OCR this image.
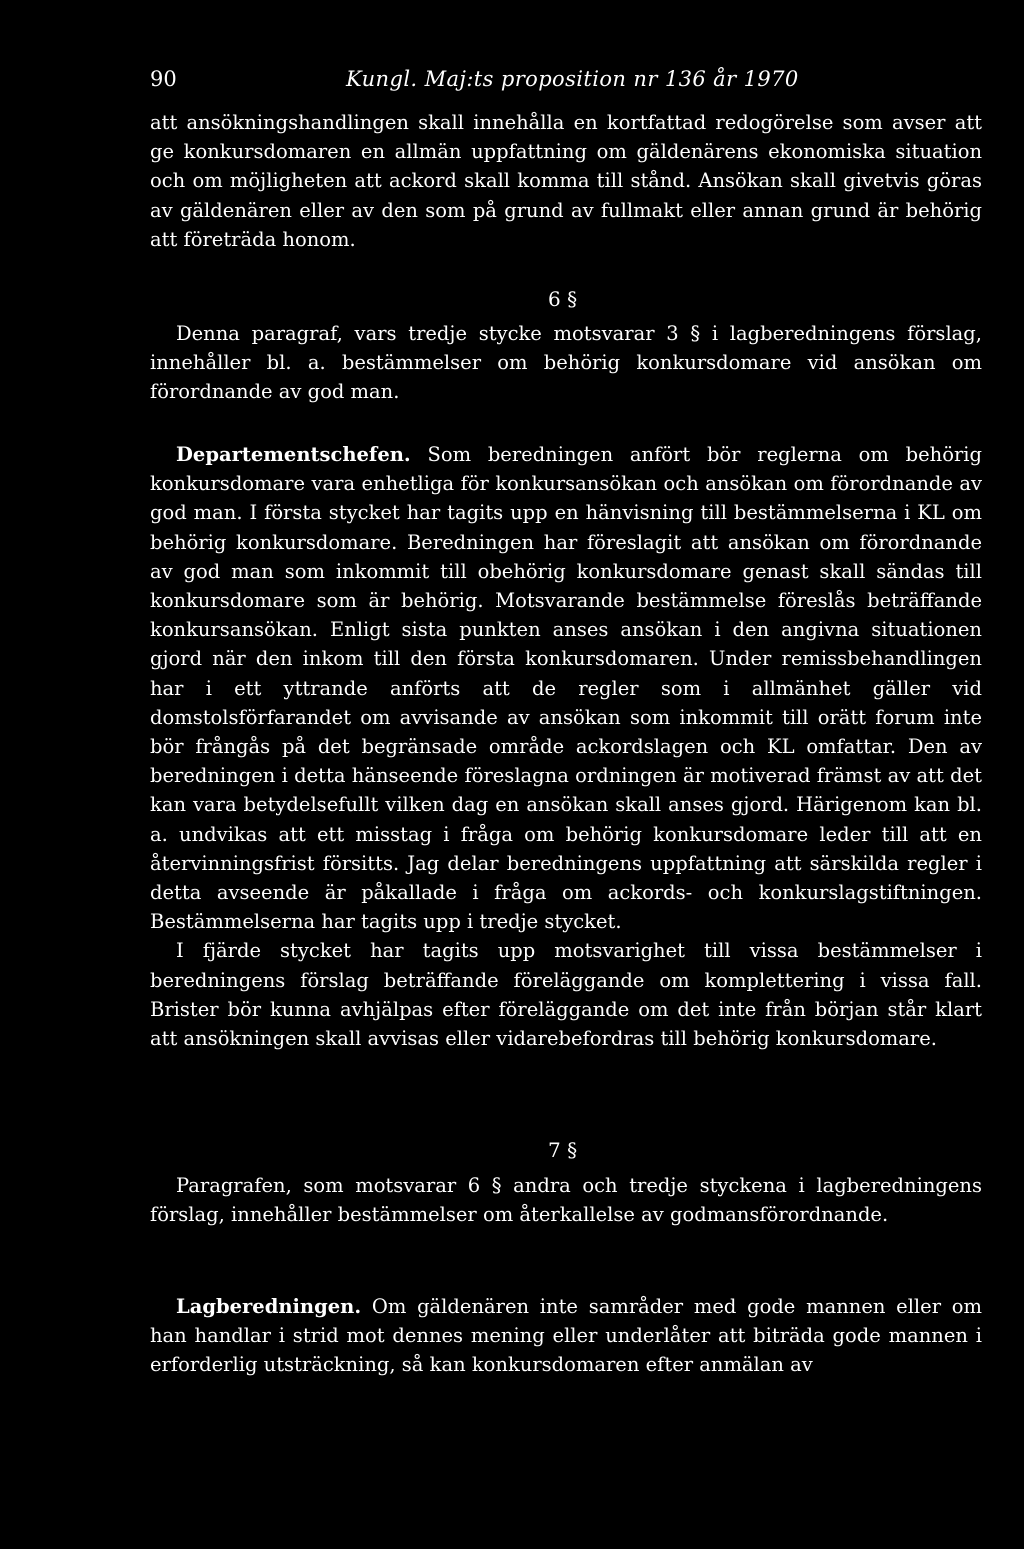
90	Kungl. Maj:ts proposition nr 136 år 1970

att ansökningshandlingen skall innehålla en kortfattad redogörelse som avser att ge konkursdomaren en allmän uppfattning om gäldenärens ekonomiska situation och om möjligheten att ackord skall komma till stånd. Ansökan skall givetvis göras av gäldenären eller av den som på grund av fullmakt eller annan grund är behörig att företräda honom.

6 §

Denna paragraf, vars tredje stycke motsvarar 3 § i lagberedningens förslag, innehåller bl. a. bestämmelser om behörig konkursdomare vid ansökan om förordnande av god man.

Departementschefen. Som beredningen anfört bör reglerna om behörig konkursdomare vara enhetliga för konkursansökan och ansökan om förordnande av god man. I första stycket har tagits upp en hänvisning till bestämmelserna i KL om behörig konkursdomare. Beredningen har föreslagit att ansökan om förordnande av god man som inkommit till obehörig konkursdomare genast skall sändas till konkursdomare som är behörig. Motsvarande bestämmelse föreslås beträffande konkursansökan. Enligt sista punkten anses ansökan i den angivna situationen gjord när den inkom till den första konkursdomaren. Under remissbehandlingen har i ett yttrande anförts att de regler som i allmänhet gäller vid domstolsförfarandet om avvisande av ansökan som inkommit till orätt forum inte bör frångås på det begränsade område ackordslagen och KL omfattar. Den av beredningen i detta hänseende föreslagna ordningen är motiverad främst av att det kan vara betydelsefullt vilken dag en ansökan skall anses gjord. Härigenom kan bl. a. undvikas att ett misstag i fråga om behörig konkursdomare leder till att en återvinningsfrist försitts. Jag delar beredningens uppfattning att särskilda regler i detta avseende är påkallade i fråga om ackords- och konkurslagstiftningen. Bestämmelserna har tagits upp i tredje stycket.

I fjärde stycket har tagits upp motsvarighet till vissa bestämmelser i beredningens förslag beträffande föreläggande om komplettering i vissa fall. Brister bör kunna avhjälpas efter föreläggande om det inte från början står klart att ansökningen skall avvisas eller vidarebefordras till behörig konkursdomare.

7 §

Paragrafen, som motsvarar 6 § andra och tredje styckena i lagberedningens förslag, innehåller bestämmelser om återkallelse av godmansförordnande.

Lagberedningen. Om gäldenären inte samråder med gode mannen eller om han handlar i strid mot dennes mening eller underlåter att biträda gode mannen i erforderlig utsträckning, så kan konkursdomaren efter anmälan av
